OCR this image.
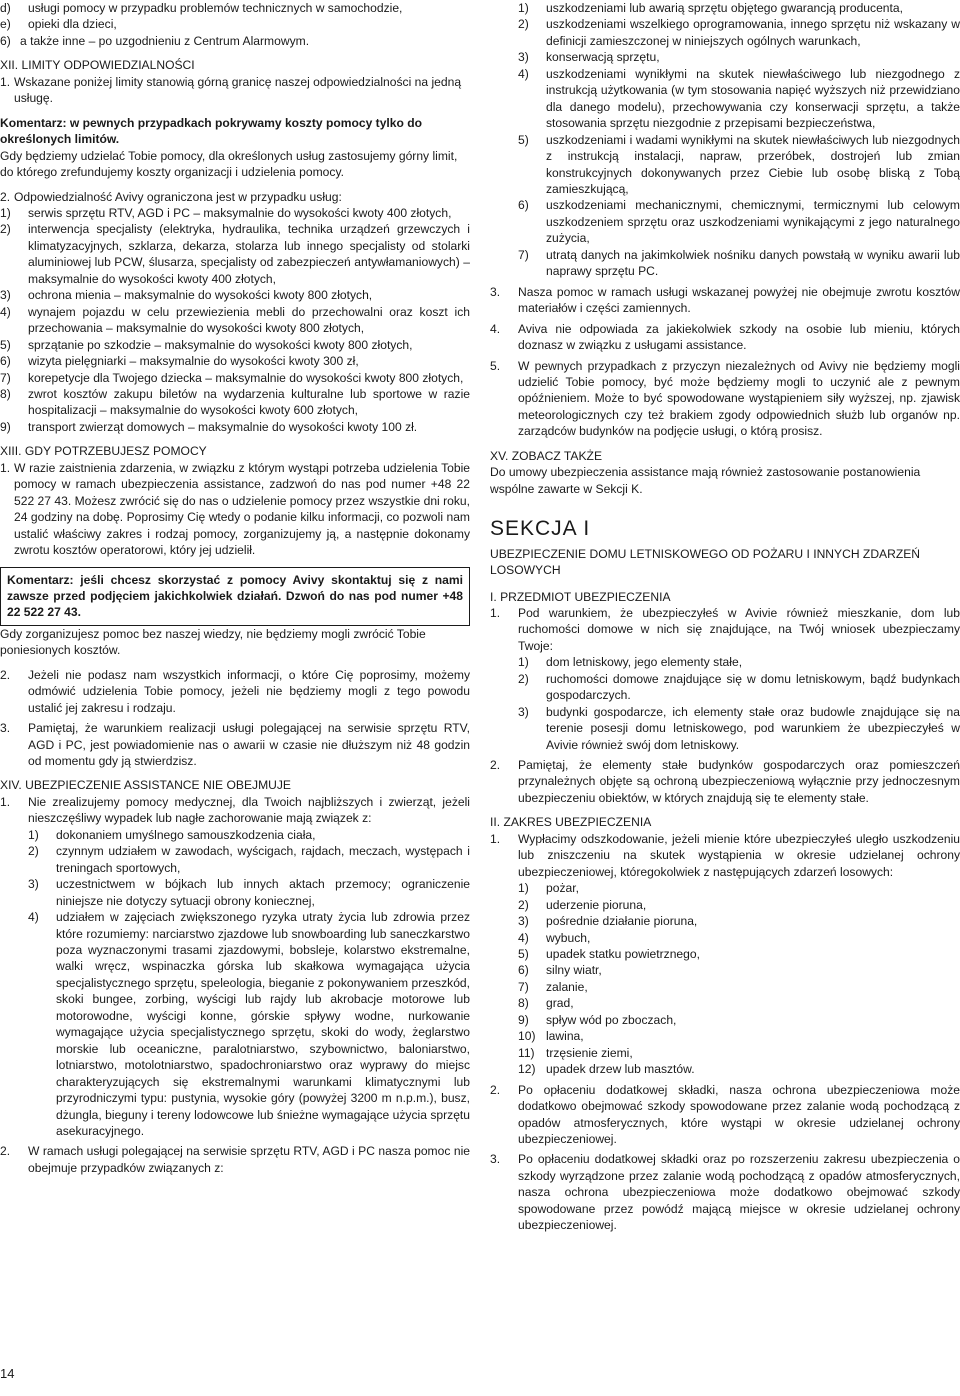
d) usługi pomocy w przypadku problemów technicznych w samochodzie,
e) opieki dla dzieci,
6) a także inne – po uzgodnieniu z Centrum Alarmowym.

XII. LIMITY ODPOWIEDZIALNOŚCI

1. Wskazane poniżej limity stanowią górną granicę naszej odpowiedzialności na jedną usługę.

Komentarz: w pewnych przypadkach pokrywamy koszty pomocy tylko do określonych limitów.

Gdy będziemy udzielać Tobie pomocy, dla określonych usług zastosujemy górny limit, do którego zrefundujemy koszty organizacji i udzielenia pomocy.

2. Odpowiedzialność Avivy ograniczona jest w przypadku usług:
1) serwis sprzętu RTV, AGD i PC – maksymalnie do wysokości kwoty 400 złotych,
2) interwencja specjalisty (elektryka, hydraulika, technika urządzeń grzewczych i klimatyzacyjnych, szklarza, dekarza, stolarza lub innego specjalisty od stolarki aluminiowej lub PCW, ślusarza, specjalisty od zabezpieczeń antywłamaniowych) – maksymalnie do wysokości kwoty 400 złotych,
3) ochrona mienia – maksymalnie do wysokości kwoty 800 złotych,
4) wynajem pojazdu w celu przewiezienia mebli do przechowalni oraz koszt ich przechowania – maksymalnie do wysokości kwoty 800 złotych,
5) sprzątanie po szkodzie – maksymalnie do wysokości kwoty 800 złotych,
6) wizyta pielęgniarki – maksymalnie do wysokości kwoty 300 zł,
7) korepetycje dla Twojego dziecka – maksymalnie do wysokości kwoty 800 złotych,
8) zwrot kosztów zakupu biletów na wydarzenia kulturalne lub sportowe w razie hospitalizacji – maksymalnie do wysokości kwoty 600 złotych,
9) transport zwierząt domowych – maksymalnie do wysokości kwoty 100 zł.

XIII. GDY POTRZEBUJESZ POMOCY

1. W razie zaistnienia zdarzenia, w związku z którym wystąpi potrzeba udzielenia Tobie pomocy w ramach ubezpieczenia assistance, zadzwoń do nas pod numer +48 22 522 27 43. Możesz zwrócić się do nas o udzielenie pomocy przez wszystkie dni roku, 24 godziny na dobę. Poprosimy Cię wtedy o podanie kilku informacji, co pozwoli nam ustalić właściwy zakres i rodzaj pomocy, zorganizujemy ją, a następnie dokonamy zwrotu kosztów operatorowi, który jej udzielił.
Komentarz: jeśli chcesz skorzystać z pomocy Avivy skontaktuj się z nami zawsze przed podjęciem jakichkolwiek działań. Dzwoń do nas pod numer +48 22 522 27 43.

Gdy zorganizujesz pomoc bez naszej wiedzy, nie będziemy mogli zwrócić Tobie poniesionych kosztów.

2. Jeżeli nie podasz nam wszystkich informacji, o które Cię poprosimy, możemy odmówić udzielenia Tobie pomocy, jeżeli nie będziemy mogli z tego powodu ustalić jej zakresu i rodzaju.
3. Pamiętaj, że warunkiem realizacji usługi polegającej na serwisie sprzętu RTV, AGD i PC, jest powiadomienie nas o awarii w czasie nie dłuższym niż 48 godzin od momentu gdy ją stwierdzisz.

XIV. UBEZPIECZENIE ASSISTANCE NIE OBEJMUJE

1. Nie zrealizujemy pomocy medycznej, dla Twoich najbliższych i zwierząt, jeżeli nieszczęśliwy wypadek lub nagłe zachorowanie mają związek z:
1) dokonaniem umyślnego samouszkodzenia ciała,
2) czynnym udziałem w zawodach, wyścigach, rajdach, meczach, występach i treningach sportowych,
3) uczestnictwem w bójkach lub innych aktach przemocy; ograniczenie niniejsze nie dotyczy sytuacji obrony koniecznej,
4) udziałem w zajęciach zwiększonego ryzyka utraty życia lub zdrowia przez które rozumiemy: narciarstwo zjazdowe lub snowboarding lub saneczkarstwo poza wyznaczonymi trasami zjazdowymi, bobsleje, kolarstwo ekstremalne, walki wręcz, wspinaczka górska lub skałkowa wymagająca użycia specjalistycznego sprzętu, speleologia, bieganie z pokonywaniem przeszkód, skoki bungee, zorbing, wyścigi lub rajdy lub akrobacje motorowe lub motorowodne, wyścigi konne, górskie spływy wodne, nurkowanie wymagające użycia specjalistycznego sprzętu, skoki do wody, żeglarstwo morskie lub oceaniczne, paralotniarstwo, szybownictwo, baloniarstwo, lotniarstwo, motolotniarstwo, spadochroniarstwo oraz wyprawy do miejsc charakteryzujących się ekstremalnymi warunkami klimatycznymi lub przyrodniczymi typu: pustynia, wysokie góry (powyżej 3200 m n.p.m.), busz, dżungla, bieguny i tereny lodowcowe lub śnieżne wymagające użycia sprzętu asekuracyjnego.
2. W ramach usługi polegającej na serwisie sprzętu RTV, AGD i PC nasza pomoc nie obejmuje przypadków związanych z:
1) uszkodzeniami lub awarią sprzętu objętego gwarancją producenta,
2) uszkodzeniami wszelkiego oprogramowania, innego sprzętu niż wskazany w definicji zamieszczonej w niniejszych ogólnych warunkach,
3) konserwacją sprzętu,
4) uszkodzeniami wynikłymi na skutek niewłaściwego lub niezgodnego z instrukcją użytkowania (w tym stosowania napięć wyższych niż przewidziano dla danego modelu), przechowywania czy konserwacji sprzętu, a także stosowania sprzętu niezgodnie z przepisami bezpieczeństwa,
5) uszkodzeniami i wadami wynikłymi na skutek niewłaściwych lub niezgodnych z instrukcją instalacji, napraw, przeróbek, dostrojeń lub zmian konstrukcyjnych dokonywanych przez Ciebie lub osobę bliską z Tobą zamieszkującą,
6) uszkodzeniami mechanicznymi, chemicznymi, termicznymi lub celowym uszkodzeniem sprzętu oraz uszkodzeniami wynikającymi z jego naturalnego zużycia,
7) utratą danych na jakimkolwiek nośniku danych powstałą w wyniku awarii lub naprawy sprzętu PC.
3. Nasza pomoc w ramach usługi wskazanej powyżej nie obejmuje zwrotu kosztów materiałów i części zamiennych.
4. Aviva nie odpowiada za jakiekolwiek szkody na osobie lub mieniu, których doznasz w związku z usługami assistance.
5. W pewnych przypadkach z przyczyn niezależnych od Avivy nie będziemy mogli udzielić Tobie pomocy, być może będziemy mogli to uczynić ale z pewnym opóźnieniem. Może to być spowodowane wystąpieniem siły wyższej, np. zjawisk meteorologicznych czy też brakiem zgody odpowiednich służb lub organów np. zarządców budynków na podjęcie usługi, o którą prosisz.

XV. ZOBACZ TAKŻE

Do umowy ubezpieczenia assistance mają również zastosowanie postanowienia wspólne zawarte w Sekcji K.

SEKCJA I

UBEZPIECZENIE DOMU LETNISKOWEGO OD POŻARU I INNYCH ZDARZEŃ LOSOWYCH

I. PRZEDMIOT UBEZPIECZENIA

1. Pod warunkiem, że ubezpieczyłeś w Avivie również mieszkanie, dom lub ruchomości domowe w nich się znajdujące, na Twój wniosek ubezpieczamy Twoje:
1) dom letniskowy, jego elementy stałe,
2) ruchomości domowe znajdujące się w domu letniskowym, bądź budynkach gospodarczych.
3) budynki gospodarcze, ich elementy stałe oraz budowle znajdujące się na terenie posesji domu letniskowego, pod warunkiem że ubezpieczyłeś w Avivie również swój dom letniskowy.
2. Pamiętaj, że elementy stałe budynków gospodarczych oraz pomieszczeń przynależnych objęte są ochroną ubezpieczeniową wyłącznie przy jednoczesnym ubezpieczeniu obiektów, w których znajdują się te elementy stałe.

II. ZAKRES UBEZPIECZENIA

1. Wypłacimy odszkodowanie, jeżeli mienie które ubezpieczyłeś uległo uszkodzeniu lub zniszczeniu na skutek wystąpienia w okresie udzielanej ochrony ubezpieczeniowej, któregokolwiek z następujących zdarzeń losowych:
1) pożar,
2) uderzenie pioruna,
3) pośrednie działanie pioruna,
4) wybuch,
5) upadek statku powietrznego,
6) silny wiatr,
7) zalanie,
8) grad,
9) spływ wód po zboczach,
10) lawina,
11) trzęsienie ziemi,
12) upadek drzew lub masztów.
2. Po opłaceniu dodatkowej składki, nasza ochrona ubezpieczeniowa może dodatkowo obejmować szkody spowodowane przez zalanie wodą pochodzącą z opadów atmosferycznych, które wystąpi w okresie udzielanej ochrony ubezpieczeniowej.
3. Po opłaceniu dodatkowej składki oraz po rozszerzeniu zakresu ubezpieczenia o szkody wyrządzone przez zalanie wodą pochodzącą z opadów atmosferycznych, nasza ochrona ubezpieczeniowa może dodatkowo obejmować szkody spowodowane przez powódź mającą miejsce w okresie udzielanej ochrony ubezpieczeniowej.
14
